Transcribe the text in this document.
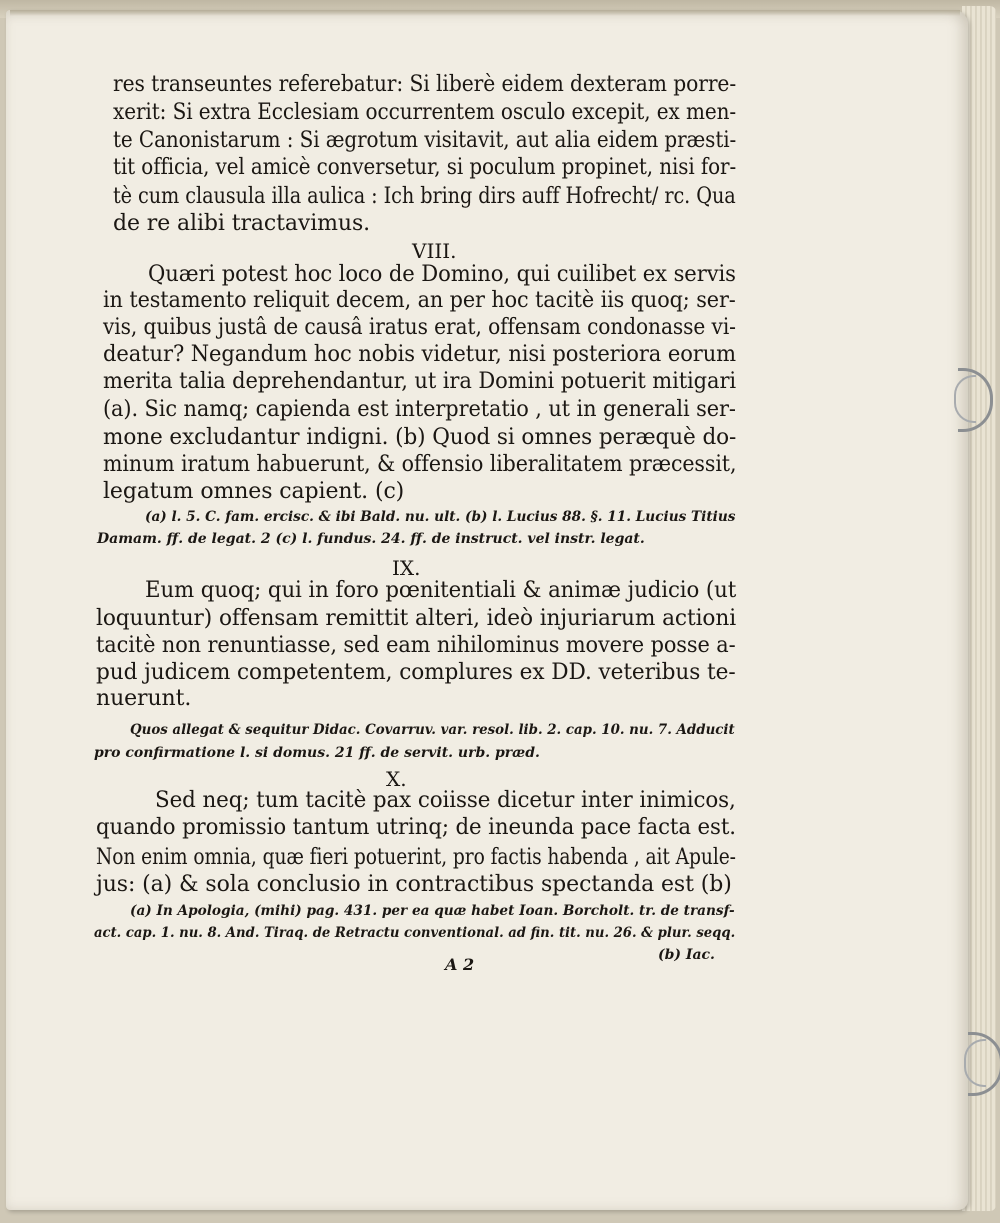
res transeuntes referebatur: Si liberè eidem dexteram porre-
xerit: Si extra Ecclesiam occurrentem osculo excepit, ex men-
te Canonistarum : Si ægrotum visitavit, aut alia eidem præsti-
tit officia, vel amicè conversetur, si poculum propinet, nisi for-
tè cum clausula illa aulica : Ich bring dirs auff Hofrecht/ rc. Qua
de re alibi tractavimus.
VIII.
Quæri potest hoc loco de Domino, qui cuilibet ex servis
in testamento reliquit decem, an per hoc tacitè iis quoq; ser-
vis, quibus justâ de causâ iratus erat, offensam condonasse vi-
deatur? Negandum hoc nobis videtur, nisi posteriora eorum
merita talia deprehendantur, ut ira Domini potuerit mitigari
(a). Sic namq; capienda est interpretatio , ut in generali ser-
mone excludantur indigni. (b) Quod si omnes peræquè do-
minum iratum habuerunt, & offensio liberalitatem præcessit,
legatum omnes capient. (c)
(a) l. 5. C. fam. ercisc. & ibi Bald. nu. ult. (b) l. Lucius 88. §. 11. Lucius Titius
Damam. ff. de legat. 2 (c) l. fundus. 24. ff. de instruct. vel instr. legat.
IX.
Eum quoq; qui in foro pœnitentiali & animæ judicio (ut
loquuntur) offensam remittit alteri, ideò injuriarum actioni
tacitè non renuntiasse, sed eam nihilominus movere posse a-
pud judicem competentem, complures ex DD. veteribus te-
nuerunt.
Quos allegat & sequitur Didac. Covarruv. var. resol. lib. 2. cap. 10. nu. 7. Adducit
pro confirmatione l. si domus. 21 ff. de servit. urb. præd.
X.
Sed neq; tum tacitè pax coiisse dicetur inter inimicos,
quando promissio tantum utrinq; de ineunda pace facta est.
Non enim omnia, quæ fieri potuerint, pro factis habenda , ait Apule-
jus: (a) & sola conclusio in contractibus spectanda est (b)
(a) In Apologia, (mihi) pag. 431. per ea quæ habet Ioan. Borcholt. tr. de transf-
act. cap. 1. nu. 8. And. Tiraq. de Retractu conventional. ad fin. tit. nu. 26. & plur. seqq.
A 2	(b) Iac.
